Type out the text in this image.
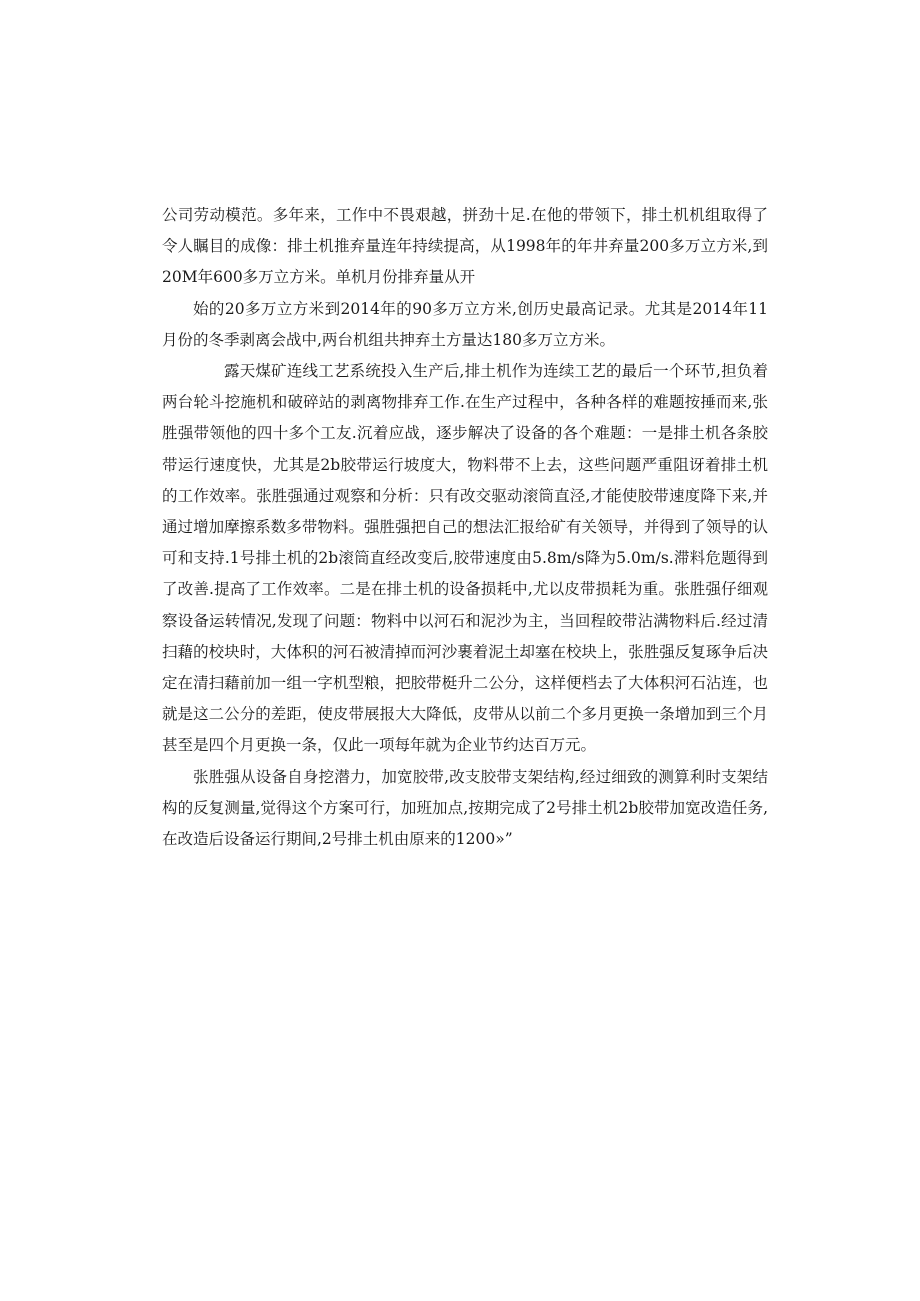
公司劳动模范。多年来，工作中不畏艰越，拼劲十足.在他的带领下，排土机机组取得了令人瞩目的成像：排土机推弃量连年持续提高，从1998年的年井弃量200多万立方米,到20M年600多万立方米。单机月份排弃量从开

始的20多万立方米到2014年的90多万立方米,创历史最高记录。尤其是2014年11月份的冬季剥离会战中,两台机组共抻弃土方量达180多万立方米。

露天煤矿连线工艺系统投入生产后,排土机作为连续工艺的最后一个环节,担负着两台轮斗挖施机和破碎站的剥离物排弃工作.在生产过程中，各种各样的难题按捶而来,张胜强带领他的四十多个工友.沉着应战，逐步解决了设备的各个难题：一是排土机各条胶带运行速度快，尤其是2b胶带运行坡度大，物料带不上去，这些问题严重阻讶着排土机的工作效率。张胜强通过观察和分析：只有改交驱动滚筒直泾,才能使胶带速度降下来,并通过增加摩擦系数多带物料。强胜强把自己的想法汇报给矿有关领导，并得到了领导的认可和支持.1号排土机的2b滚筒直经改变后,胶带速度由5.8m∕s降为5.0m∕s.滞料危题得到了改善.提高了工作效率。二是在排土机的设备损耗中,尤以皮带损耗为重。张胜强仔细观察设备运转情况,发现了问题：物料中以河石和泥沙为主，当回程皎带沾满物料后.经过清扫藉的校块时，大体积的河石被清掉而河沙裹着泥土却塞在校块上，张胜强反复琢争后决定在清扫藉前加一组一字机型粮，把胶带梃升二公分，这样便档去了大体积河石沾连，也就是这二公分的差距，使皮带展报大大降低，皮带从以前二个多月更换一条增加到三个月甚至是四个月更换一条，仅此一项每年就为企业节约达百万元。

张胜强从设备自身挖潜力，加宽胶带,改支胶带支架结构,经过细致的测算利时支架结构的反复测量,觉得这个方案可行，加班加点,按期完成了2号排土机2b胶带加宽改造任务,在改造后设备运行期间,2号排土机由原来的1200»”
